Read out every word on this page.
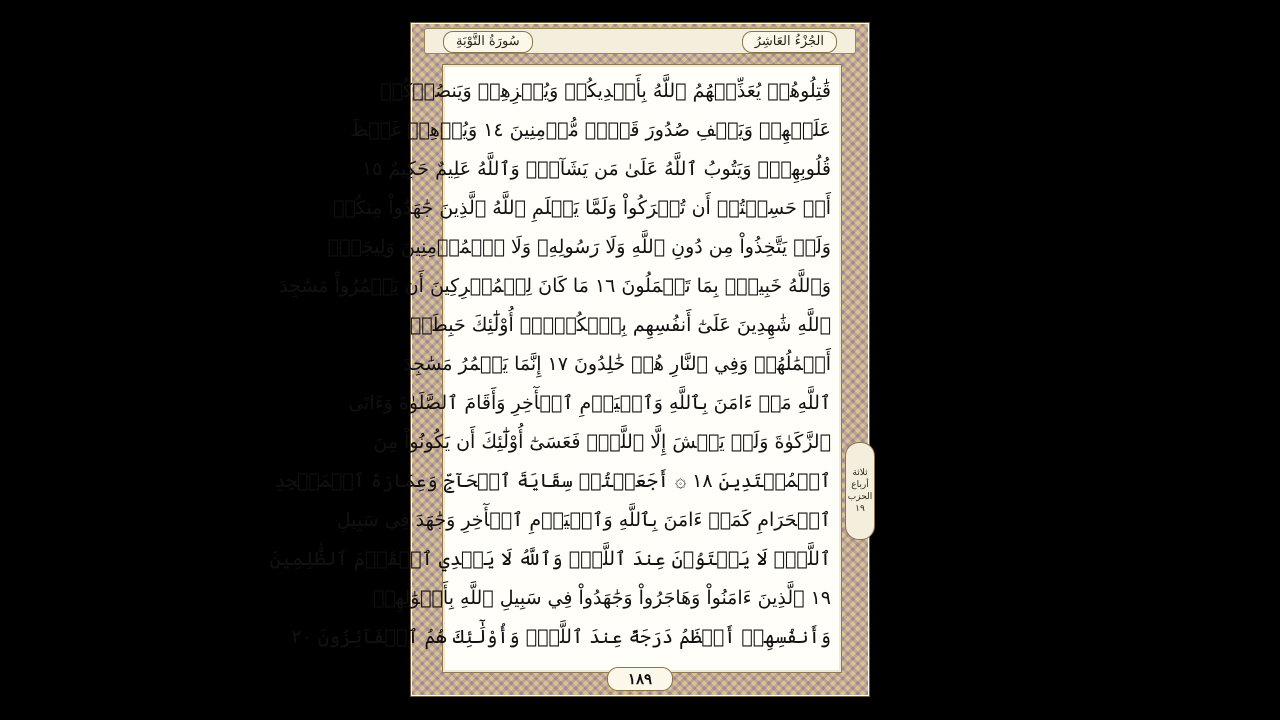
الجُزْءُ العَاشِرُ
سُورَةُ التَّوْبَةِ
قَٰتِلُوهُمۡ يُعَذِّبۡهُمُ ٱللَّهُ بِأَيۡدِيكُمۡ وَيُخۡزِهِمۡ وَيَنصُرۡكُمۡ
عَلَيۡهِمۡ وَيَشۡفِ صُدُورَ قَوۡمٖ مُّؤۡمِنِينَ ١٤ وَيُذۡهِبۡ غَيۡظَ
قُلُوبِهِمۡۗ وَيَتُوبُ ٱللَّهُ عَلَىٰ مَن يَشَآءُۗ وَٱللَّهُ عَلِيمٌ حَكِيمٌ ١٥
أَمۡ حَسِبۡتُمۡ أَن تُتۡرَكُواْ وَلَمَّا يَعۡلَمِ ٱللَّهُ ٱلَّذِينَ جَٰهَدُواْ مِنكُمۡ
وَلَمۡ يَتَّخِذُواْ مِن دُونِ ٱللَّهِ وَلَا رَسُولِهِۦ وَلَا ٱلۡمُؤۡمِنِينَ وَلِيجَةٗۚ
وَٱللَّهُ خَبِيرُۢ بِمَا تَعۡمَلُونَ ١٦ مَا كَانَ لِلۡمُشۡرِكِينَ أَن يَعۡمُرُواْ مَسَٰجِدَ
ٱللَّهِ شَٰهِدِينَ عَلَىٰٓ أَنفُسِهِم بِٱلۡكُفۡرِۚ أُوْلَٰٓئِكَ حَبِطَتۡ
أَعۡمَٰلُهُمۡ وَفِي ٱلنَّارِ هُمۡ خَٰلِدُونَ ١٧ إِنَّمَا يَعۡمُرُ مَسَٰجِدَ
ٱللَّهِ مَنۡ ءَامَنَ بِٱللَّهِ وَٱلۡيَوۡمِ ٱلۡأٓخِرِ وَأَقَامَ ٱلصَّلَوٰةَ وَءَاتَى
ٱلزَّكَوٰةَ وَلَمۡ يَخۡشَ إِلَّا ٱللَّهَۖ فَعَسَىٰٓ أُوْلَٰٓئِكَ أَن يَكُونُواْ مِنَ
ٱلۡمُهۡتَدِينَ ١٨ ۞ أَجَعَلۡتُمۡ سِقَايَةَ ٱلۡحَآجِّ وَعِمَارَةَ ٱلۡمَسۡجِدِ
ٱلۡحَرَامِ كَمَنۡ ءَامَنَ بِٱللَّهِ وَٱلۡيَوۡمِ ٱلۡأٓخِرِ وَجَٰهَدَ فِي سَبِيلِ
ٱللَّهِۚ لَا يَسۡتَوُۥنَ عِندَ ٱللَّهِۗ وَٱللَّهُ لَا يَهۡدِي ٱلۡقَوۡمَ ٱلظَّٰلِمِينَ
١٩ ٱلَّذِينَ ءَامَنُواْ وَهَاجَرُواْ وَجَٰهَدُواْ فِي سَبِيلِ ٱللَّهِ بِأَمۡوَٰلِهِمۡ
وَأَنفُسِهِمۡ أَعۡظَمُ دَرَجَةً عِندَ ٱللَّهِۚ وَأُوْلَٰٓئِكَ هُمُ ٱلۡفَآئِزُونَ ٢٠
ثلاثة أرباع
الحزب
١٩
١٨٩
